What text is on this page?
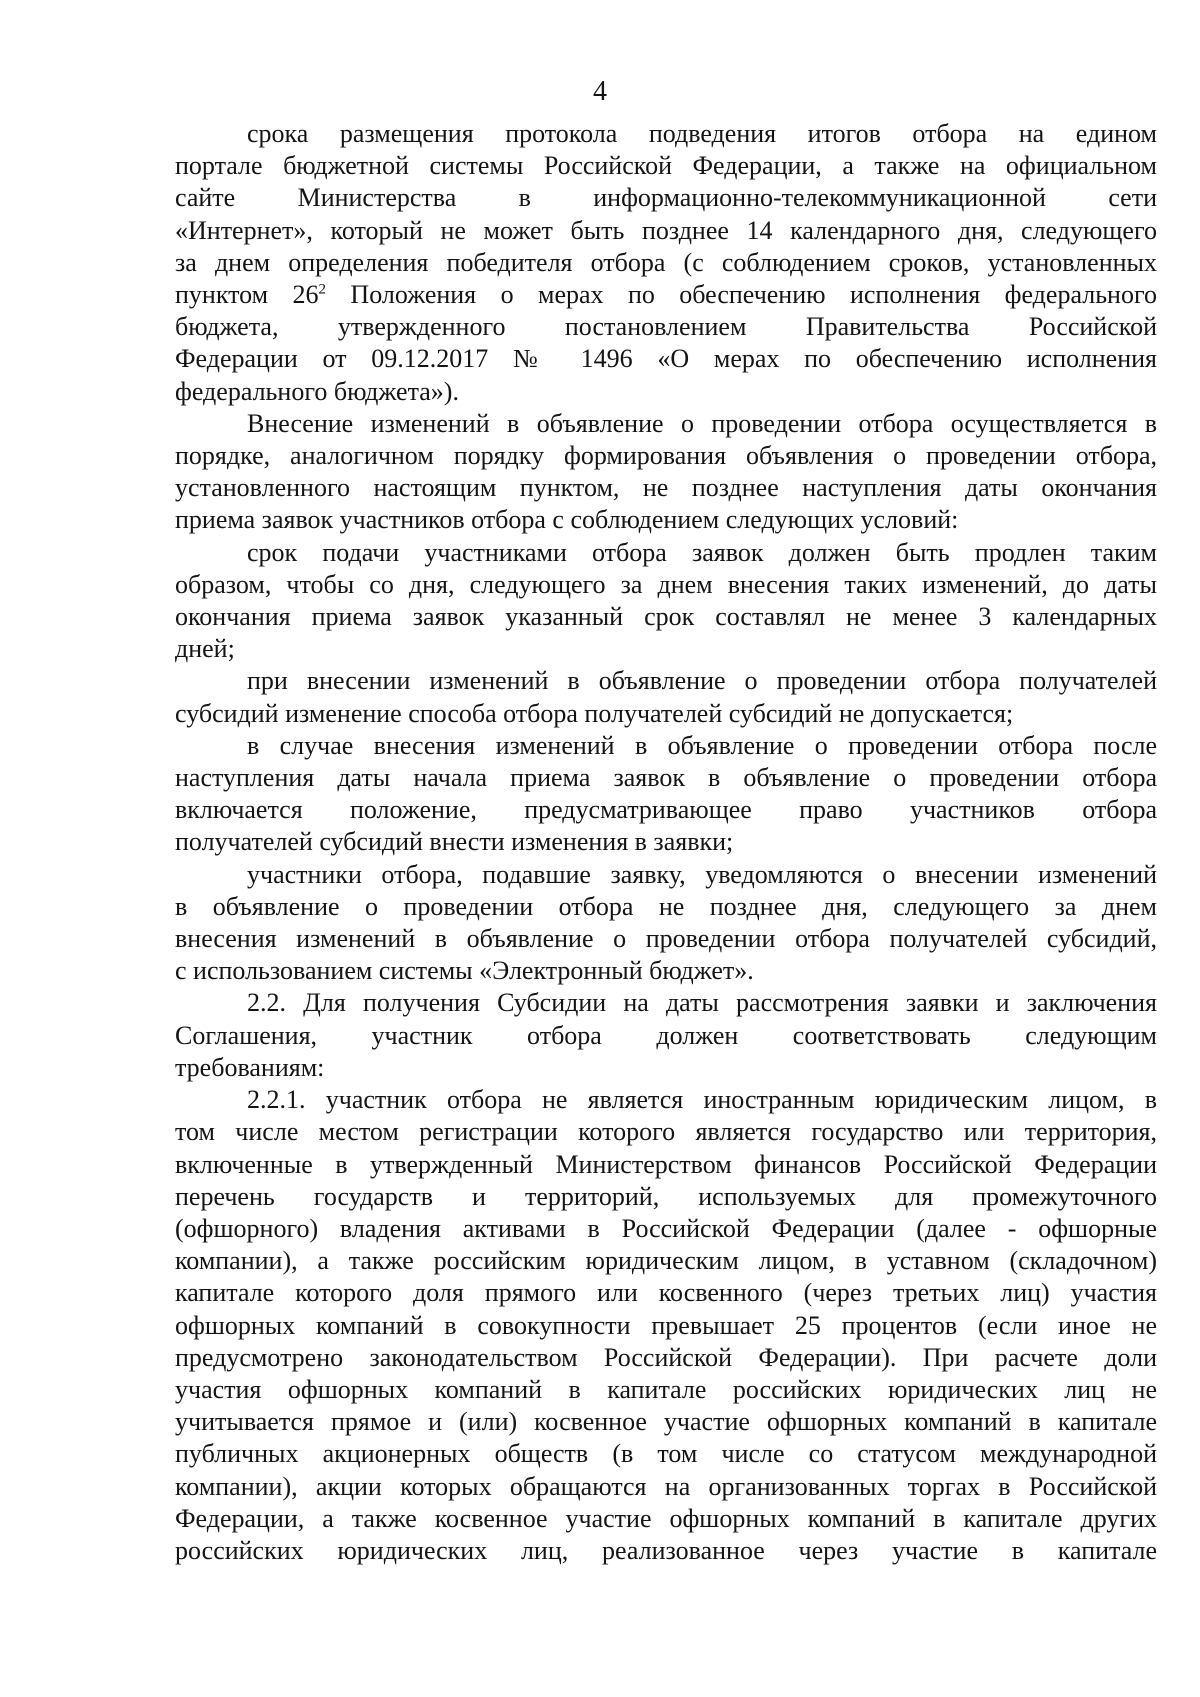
4
срока размещения протокола подведения итогов отбора на едином
портале бюджетной системы Российской Федерации, а также на официальном
сайте Министерства в информационно-телекоммуникационной сети
«Интернет», который не может быть позднее 14 календарного дня, следующего
за днем определения победителя отбора (с соблюдением сроков, установленных
пунктом $26^2$ Положения о мерах по обеспечению исполнения федерального
бюджета, утвержденного постановлением Правительства Российской
Федерации от 09.12.2017 № 1496 «О мерах по обеспечению исполнения
федерального бюджета»).
Внесение изменений в объявление о проведении отбора осуществляется в
порядке, аналогичном порядку формирования объявления о проведении отбора,
установленного настоящим пунктом, не позднее наступления даты окончания
приема заявок участников отбора с соблюдением следующих условий:
срок подачи участниками отбора заявок должен быть продлен таким
образом, чтобы со дня, следующего за днем внесения таких изменений, до даты
окончания приема заявок указанный срок составлял не менее 3 календарных
дней;
при внесении изменений в объявление о проведении отбора получателей
субсидий изменение способа отбора получателей субсидий не допускается;
в случае внесения изменений в объявление о проведении отбора после
наступления даты начала приема заявок в объявление о проведении отбора
включается положение, предусматривающее право участников отбора
получателей субсидий внести изменения в заявки;
участники отбора, подавшие заявку, уведомляются о внесении изменений
в объявление о проведении отбора не позднее дня, следующего за днем
внесения изменений в объявление о проведении отбора получателей субсидий,
с использованием системы «Электронный бюджет».
2.2. Для получения Субсидии на даты рассмотрения заявки и заключения
Соглашения, участник отбора должен соответствовать следующим
требованиям:
2.2.1. участник отбора не является иностранным юридическим лицом, в
том числе местом регистрации которого является государство или территория,
включенные в утвержденный Министерством финансов Российской Федерации
перечень государств и территорий, используемых для промежуточного
(офшорного) владения активами в Российской Федерации (далее - офшорные
компании), а также российским юридическим лицом, в уставном (складочном)
капитале которого доля прямого или косвенного (через третьих лиц) участия
офшорных компаний в совокупности превышает 25 процентов (если иное не
предусмотрено законодательством Российской Федерации). При расчете доли
участия офшорных компаний в капитале российских юридических лиц не
учитывается прямое и (или) косвенное участие офшорных компаний в капитале
публичных акционерных обществ (в том числе со статусом международной
компании), акции которых обращаются на организованных торгах в Российской
Федерации, а также косвенное участие офшорных компаний в капитале других
российских юридических лиц, реализованное через участие в капитале
